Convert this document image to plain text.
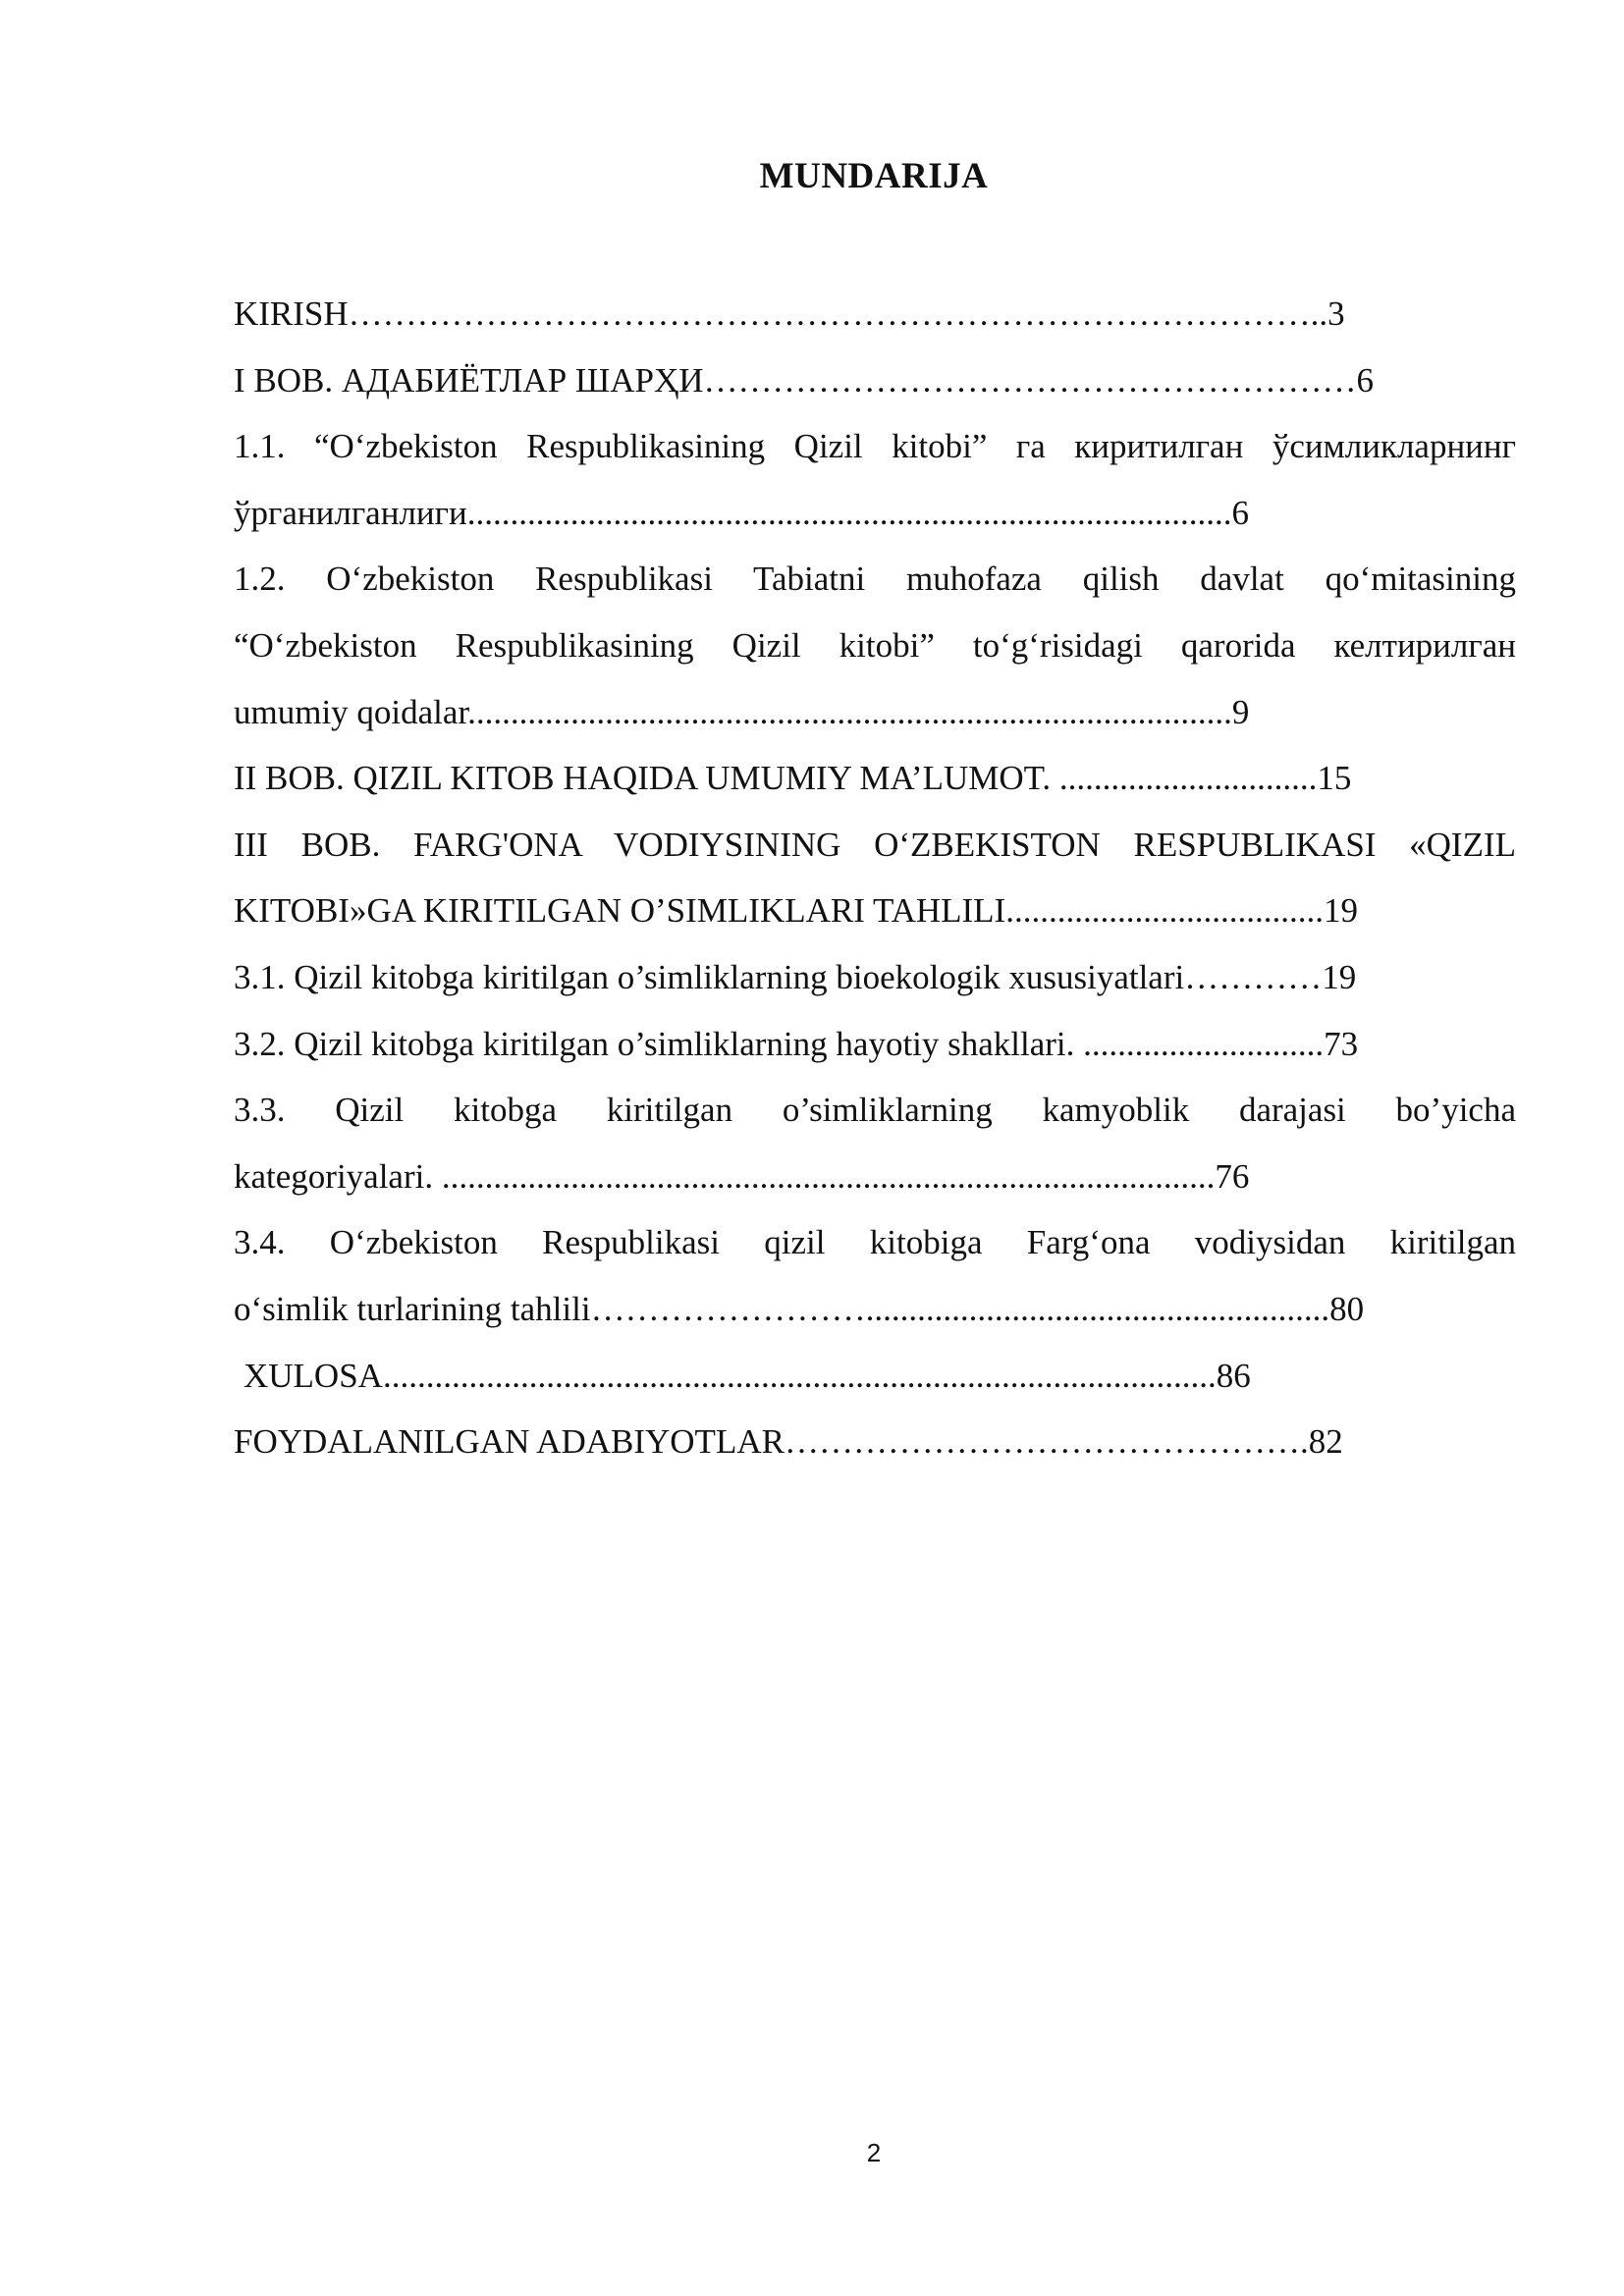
MUNDARIJA
KIRISH…………………………………………………………………………..3
I BOB. АДАБИЁТЛАР ШАРҲИ…………………………………………………6
1.1. “O‘zbekiston Respublikasining Qizil kitobi” га киритилган ўсимликларнинг
ўрганилганлиги.........................................................................................6
1.2. O‘zbekiston Respublikasi Tabiatni muhofaza qilish davlat qo‘mitasining
“O‘zbekiston Respublikasining Qizil kitobi” to‘g‘risidagi qarorida келтирилган
umumiy qoidalar.........................................................................................9
II BOB. QIZIL KITOB HAQIDA UMUMIY MA’LUMOT. ..............................15
III BOB. FARG'ONA VODIYSINING O‘ZBEKISTON RESPUBLIKASI «QIZIL
KITOBI»GA KIRITILGAN O’SIMLIKLARI TAHLILI.....................................19
3.1. Qizil kitobga kiritilgan o’simliklarning bioekologik xususiyatlari…………19
3.2. Qizil kitobga kiritilgan o’simliklarning hayotiy shakllari. ............................73
3.3. Qizil kitobga kiritilgan o’simliklarning kamyoblik darajasi bo’yicha
kategoriyalari. ..........................................................................................76
3.4. O‘zbekiston Respublikasi qizil kitobiga Farg‘ona vodiysidan kiritilgan
o‘simlik turlarining tahlili……………………......................................................80
XULOSA.................................................................................................86
FOYDALANILGAN ADABIYOTLAR……………………………………….82
2
